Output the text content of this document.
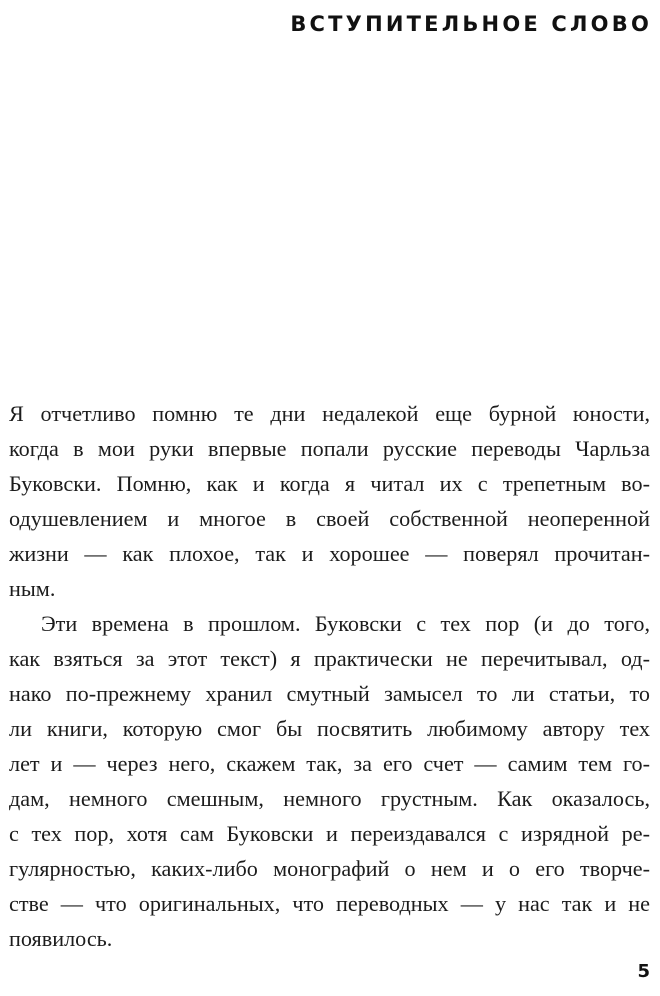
ВСТУПИТЕЛЬНОЕ СЛОВО
Я отчетливо помню те дни недалекой еще бурной юности,
когда в мои руки впервые попали русские переводы Чарльза
Буковски. Помню, как и когда я читал их с трепетным во-
одушевлением и многое в своей собственной неоперенной
жизни — как плохое, так и хорошее — поверял прочитан-
ным.
Эти времена в прошлом. Буковски с тех пор (и до того,
как взяться за этот текст) я практически не перечитывал, од-
нако по-прежнему хранил смутный замысел то ли статьи, то
ли книги, которую смог бы посвятить любимому автору тех
лет и — через него, скажем так, за его счет — самим тем го-
дам, немного смешным, немного грустным. Как оказалось,
с тех пор, хотя сам Буковски и переиздавался с изрядной ре-
гулярностью, каких-либо монографий о нем и о его творче-
стве — что оригинальных, что переводных — у нас так и не
появилось.
5
